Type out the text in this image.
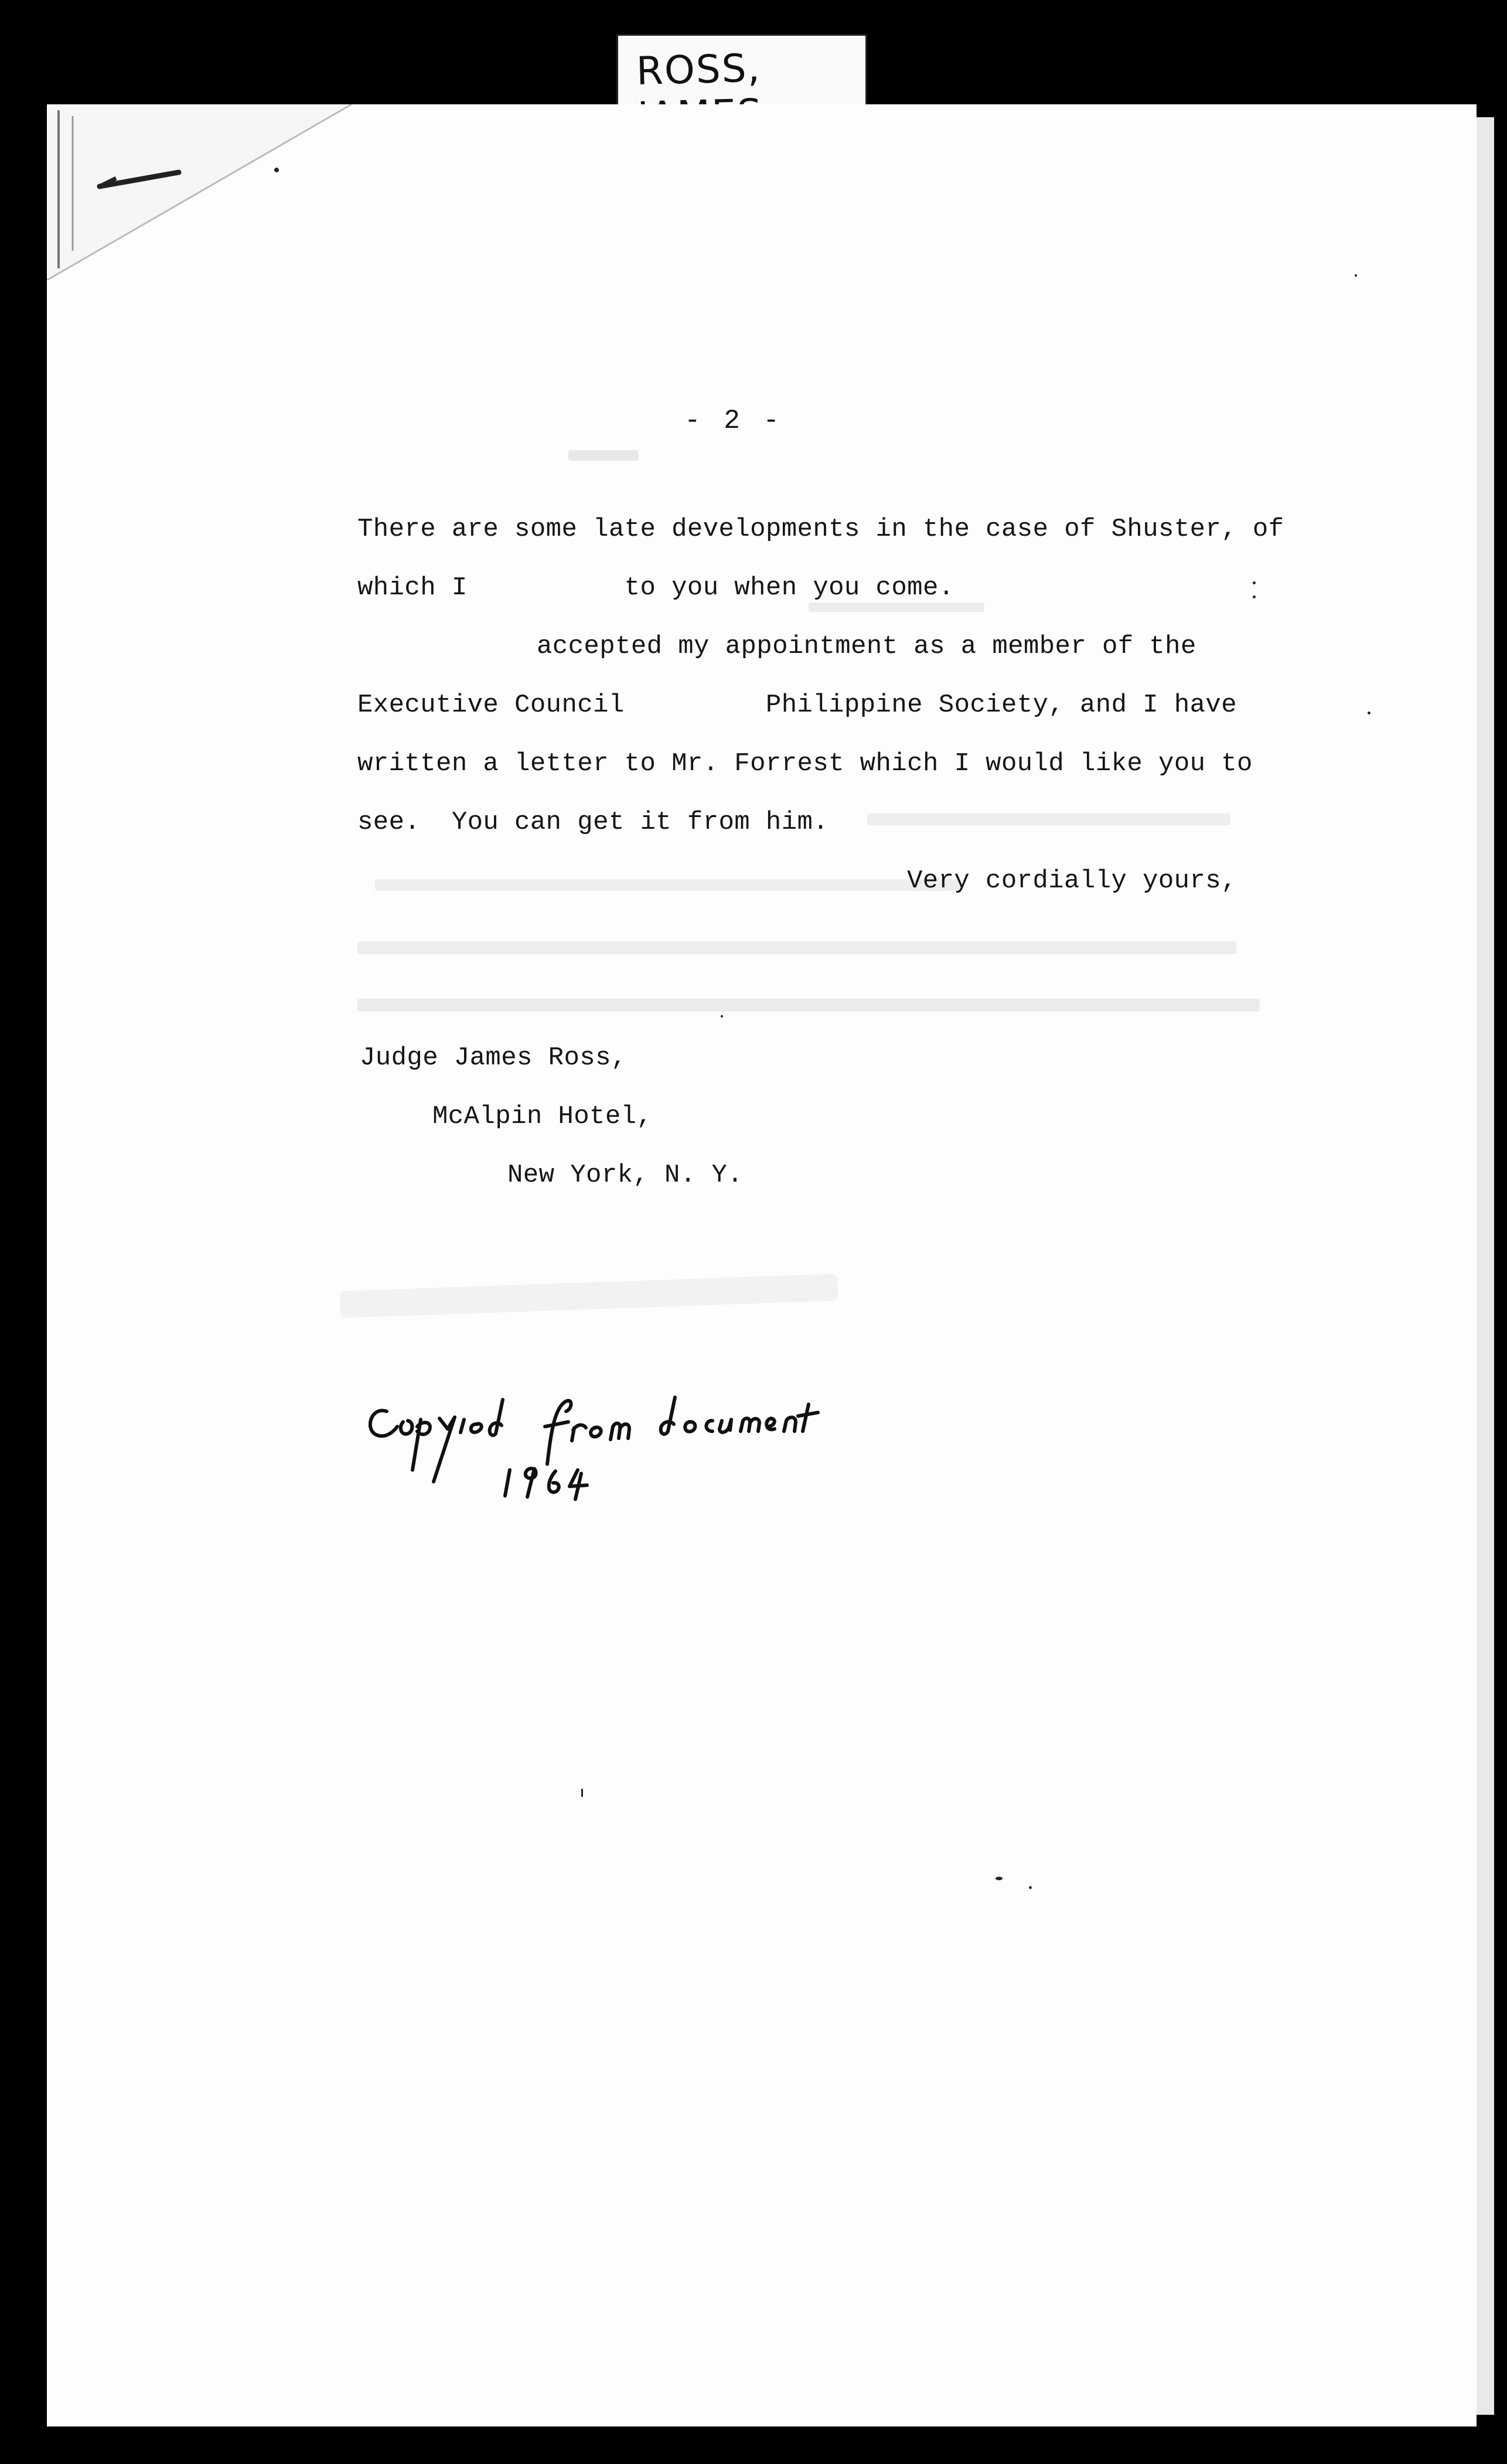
ROSS,
- 2 -
There are some late developments in the case of Shuster, of
which I          to you when you come.
accepted my appointment as a member of the
Executive Council         Philippine Society, and I have
written a letter to Mr. Forrest which I would like you to
see.  You can get it from him.
Very cordially yours,
Judge James Ross,
McAlpin Hotel,
New York, N. Y.
